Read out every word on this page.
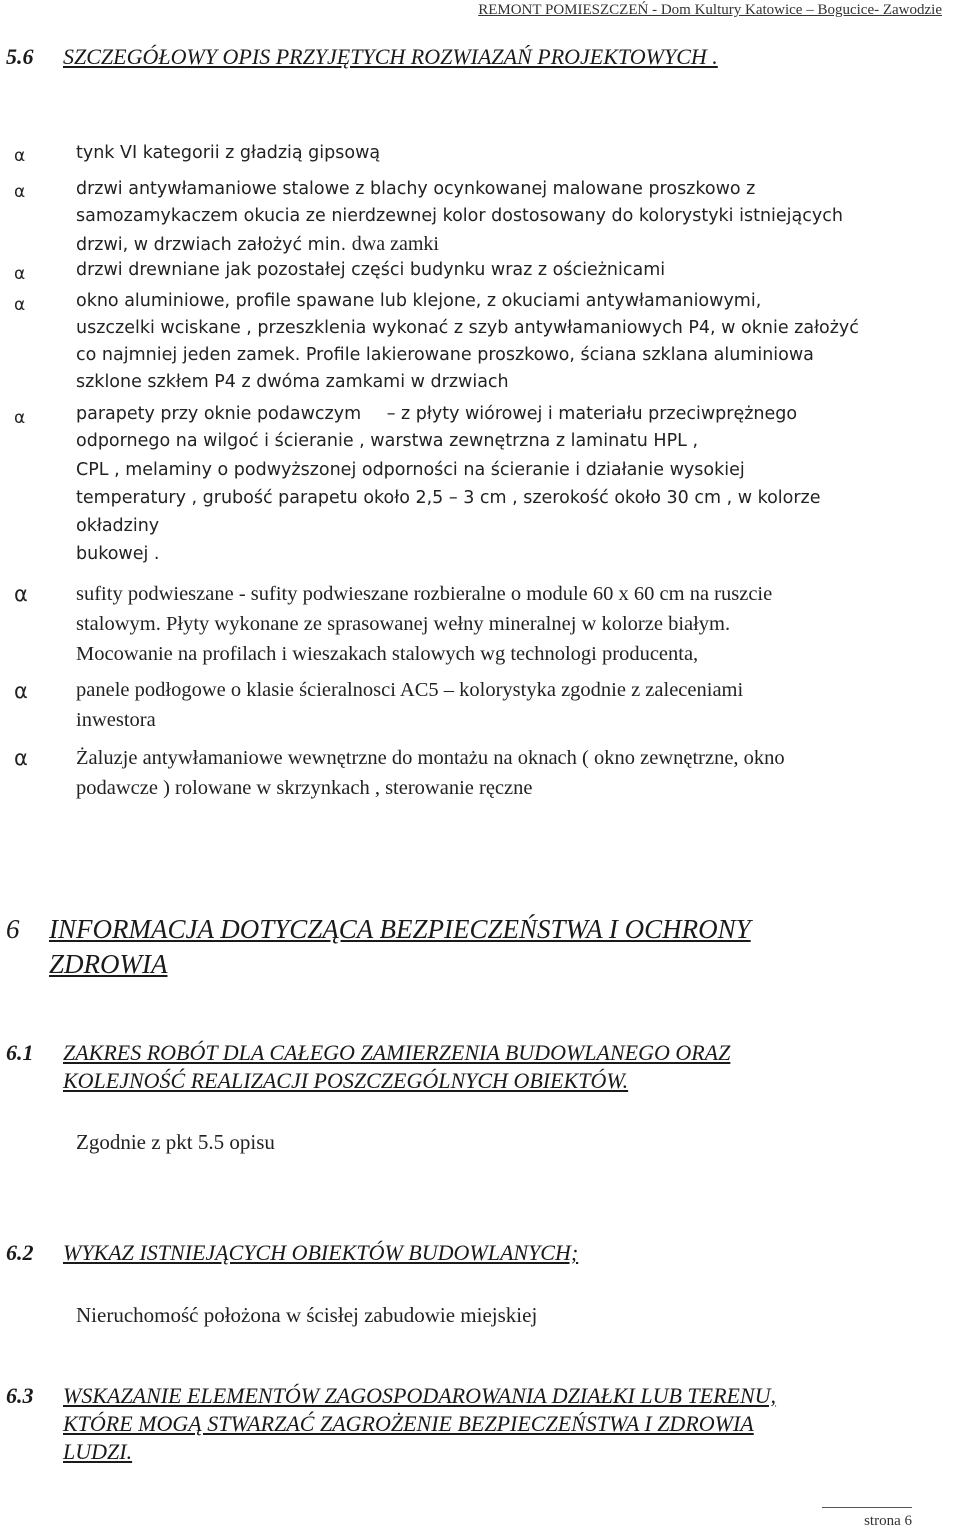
REMONT POMIESZCZEŃ - Dom Kultury Katowice – Bogucice- Zawodzie
5.6 SZCZEGÓŁOWY OPIS PRZYJĘTYCH ROZWIAZAŃ PROJEKTOWYCH .
α	tynk VI kategorii z gładzią gipsową
α	drzwi antywłamaniowe stalowe z blachy ocynkowanej malowane proszkowo z
samozamykaczem okucia ze nierdzewnej kolor dostosowany do kolorystyki istniejących
drzwi, w drzwiach założyć min. dwa zamki
α	drzwi drewniane jak pozostałej części budynku wraz z ościeżnicami
α	okno aluminiowe, profile spawane lub klejone, z okuciami antywłamaniowymi,
uszczelki wciskane , przeszklenia wykonać z szyb antywłamaniowych P4, w oknie założyć
co najmniej jeden zamek. Profile lakierowane proszkowo, ściana szklana aluminiowa
szklone szkłem P4 z dwóma zamkami w drzwiach
α	parapety przy oknie podawczym – z płyty wiórowej i materiału przeciwprężnego
odpornego na wilgoć i ścieranie , warstwa zewnętrzna z laminatu HPL ,
CPL , melaminy o podwyższonej odporności na ścieranie i działanie wysokiej
temperatury , grubość parapetu około 2,5 – 3 cm , szerokość około 30 cm , w kolorze
okładziny
bukowej .
α sufity podwieszane - sufity podwieszane rozbieralne o module 60 x 60 cm na ruszcie
stalowym. Płyty wykonane ze sprasowanej wełny mineralnej w kolorze białym.
Mocowanie na profilach i wieszakach stalowych wg technologi producenta,
α panele podłogowe o klasie ścieralnosci AC5 – kolorystyka zgodnie z zaleceniami
inwestora
α Żaluzje antywłamaniowe wewnętrzne do montażu na oknach ( okno zewnętrzne, okno
podawcze ) rolowane w skrzynkach , sterowanie ręczne
6 INFORMACJA DOTYCZĄCA BEZPIECZEŃSTWA I OCHRONY
ZDROWIA
6.1 ZAKRES ROBÓT DLA CAŁEGO ZAMIERZENIA BUDOWLANEGO ORAZ
KOLEJNOŚĆ REALIZACJI POSZCZEGÓLNYCH OBIEKTÓW.
Zgodnie z pkt 5.5 opisu
6.2 WYKAZ ISTNIEJĄCYCH OBIEKTÓW BUDOWLANYCH;
Nieruchomość położona w ścisłej zabudowie miejskiej
6.3 WSKAZANIE ELEMENTÓW ZAGOSPODAROWANIA DZIAŁKI LUB TERENU,
KTÓRE MOGĄ STWARZAĆ ZAGROŻENIE BEZPIECZEŃSTWA I ZDROWIA
LUDZI.
strona 6
